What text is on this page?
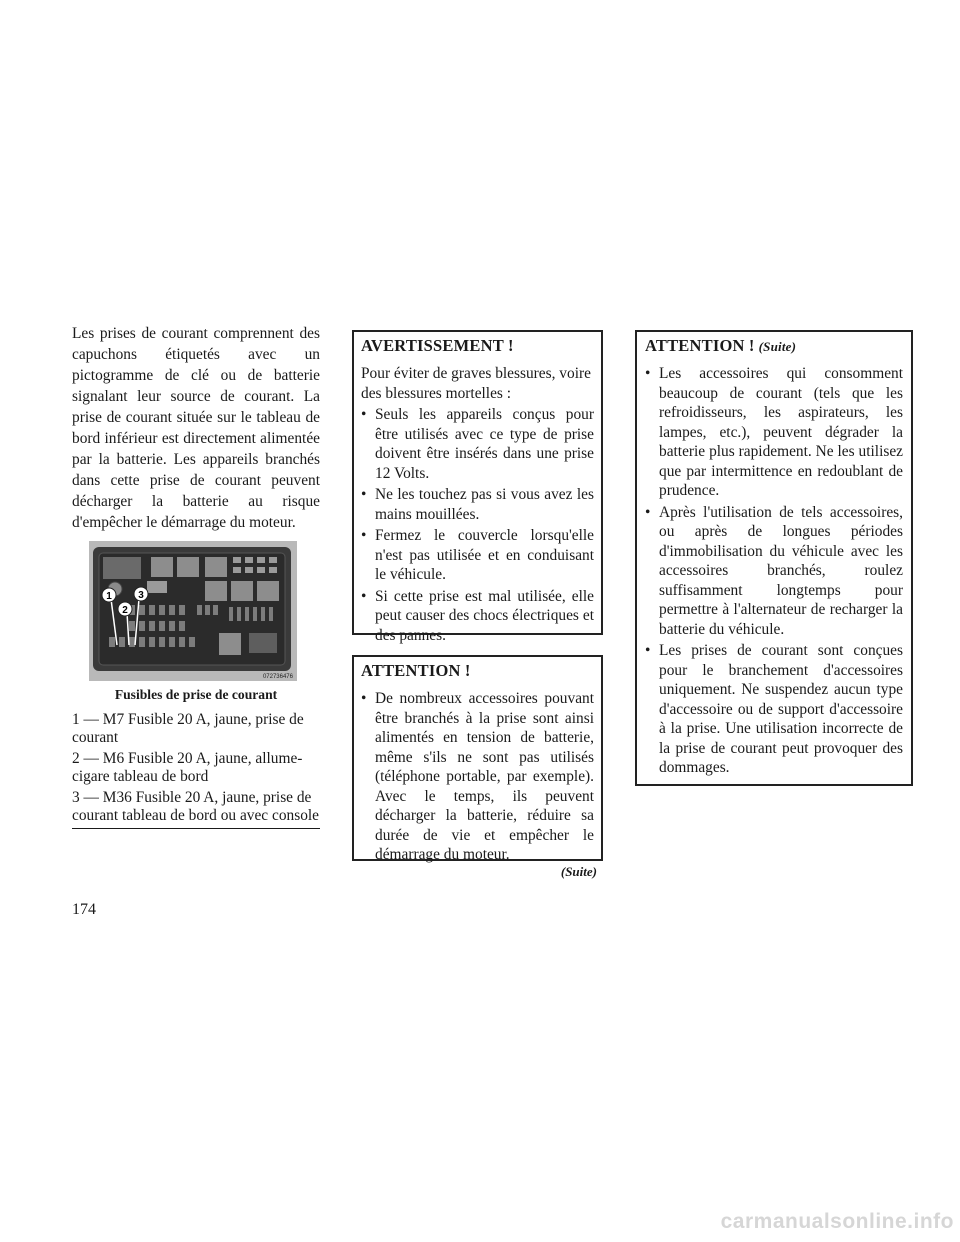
Les prises de courant comprennent des capuchons étiquetés avec un pictogramme de clé ou de batterie signalant leur source de courant. La prise de courant située sur le tableau de bord inférieur est directement alimentée par la batterie. Les appareils branchés dans cette prise de courant peuvent décharger la batterie au risque d'empêcher le démarrage du moteur.

1
2
3
072736476
Fusibles de prise de courant
1 — M7 Fusible 20 A, jaune, prise de courant
2 — M6 Fusible 20 A, jaune, allume-cigare tableau de bord
3 — M36 Fusible 20 A, jaune, prise de courant tableau de bord ou avec console
AVERTISSEMENT !

Pour éviter de graves blessures, voire des blessures mortelles :

• Seuls les appareils conçus pour être utilisés avec ce type de prise doivent être insérés dans une prise 12 Volts.
• Ne les touchez pas si vous avez les mains mouillées.
• Fermez le couvercle lorsqu'elle n'est pas utilisée et en conduisant le véhicule.
• Si cette prise est mal utilisée, elle peut causer des chocs électriques et des pannes.
ATTENTION !
• De nombreux accessoires pouvant être branchés à la prise sont ainsi alimentés en tension de batterie, même s'ils ne sont pas utilisés (téléphone portable, par exemple). Avec le temps, ils peuvent décharger la batterie, réduire sa durée de vie et empêcher le démarrage du moteur.
(Suite)
ATTENTION ! (Suite)
• Les accessoires qui consomment beaucoup de courant (tels que les refroidisseurs, les aspirateurs, les lampes, etc.), peuvent dégrader la batterie plus rapidement. Ne les utilisez que par intermittence en redoublant de prudence.
• Après l'utilisation de tels accessoires, ou après de longues périodes d'immobilisation du véhicule avec les accessoires branchés, roulez suffisamment longtemps pour permettre à l'alternateur de recharger la batterie du véhicule.
• Les prises de courant sont conçues pour le branchement d'accessoires uniquement. Ne suspendez aucun type d'accessoire ou de support d'accessoire à la prise. Une utilisation incorrecte de la prise de courant peut provoquer des dommages.
174
carmanualsonline.info
